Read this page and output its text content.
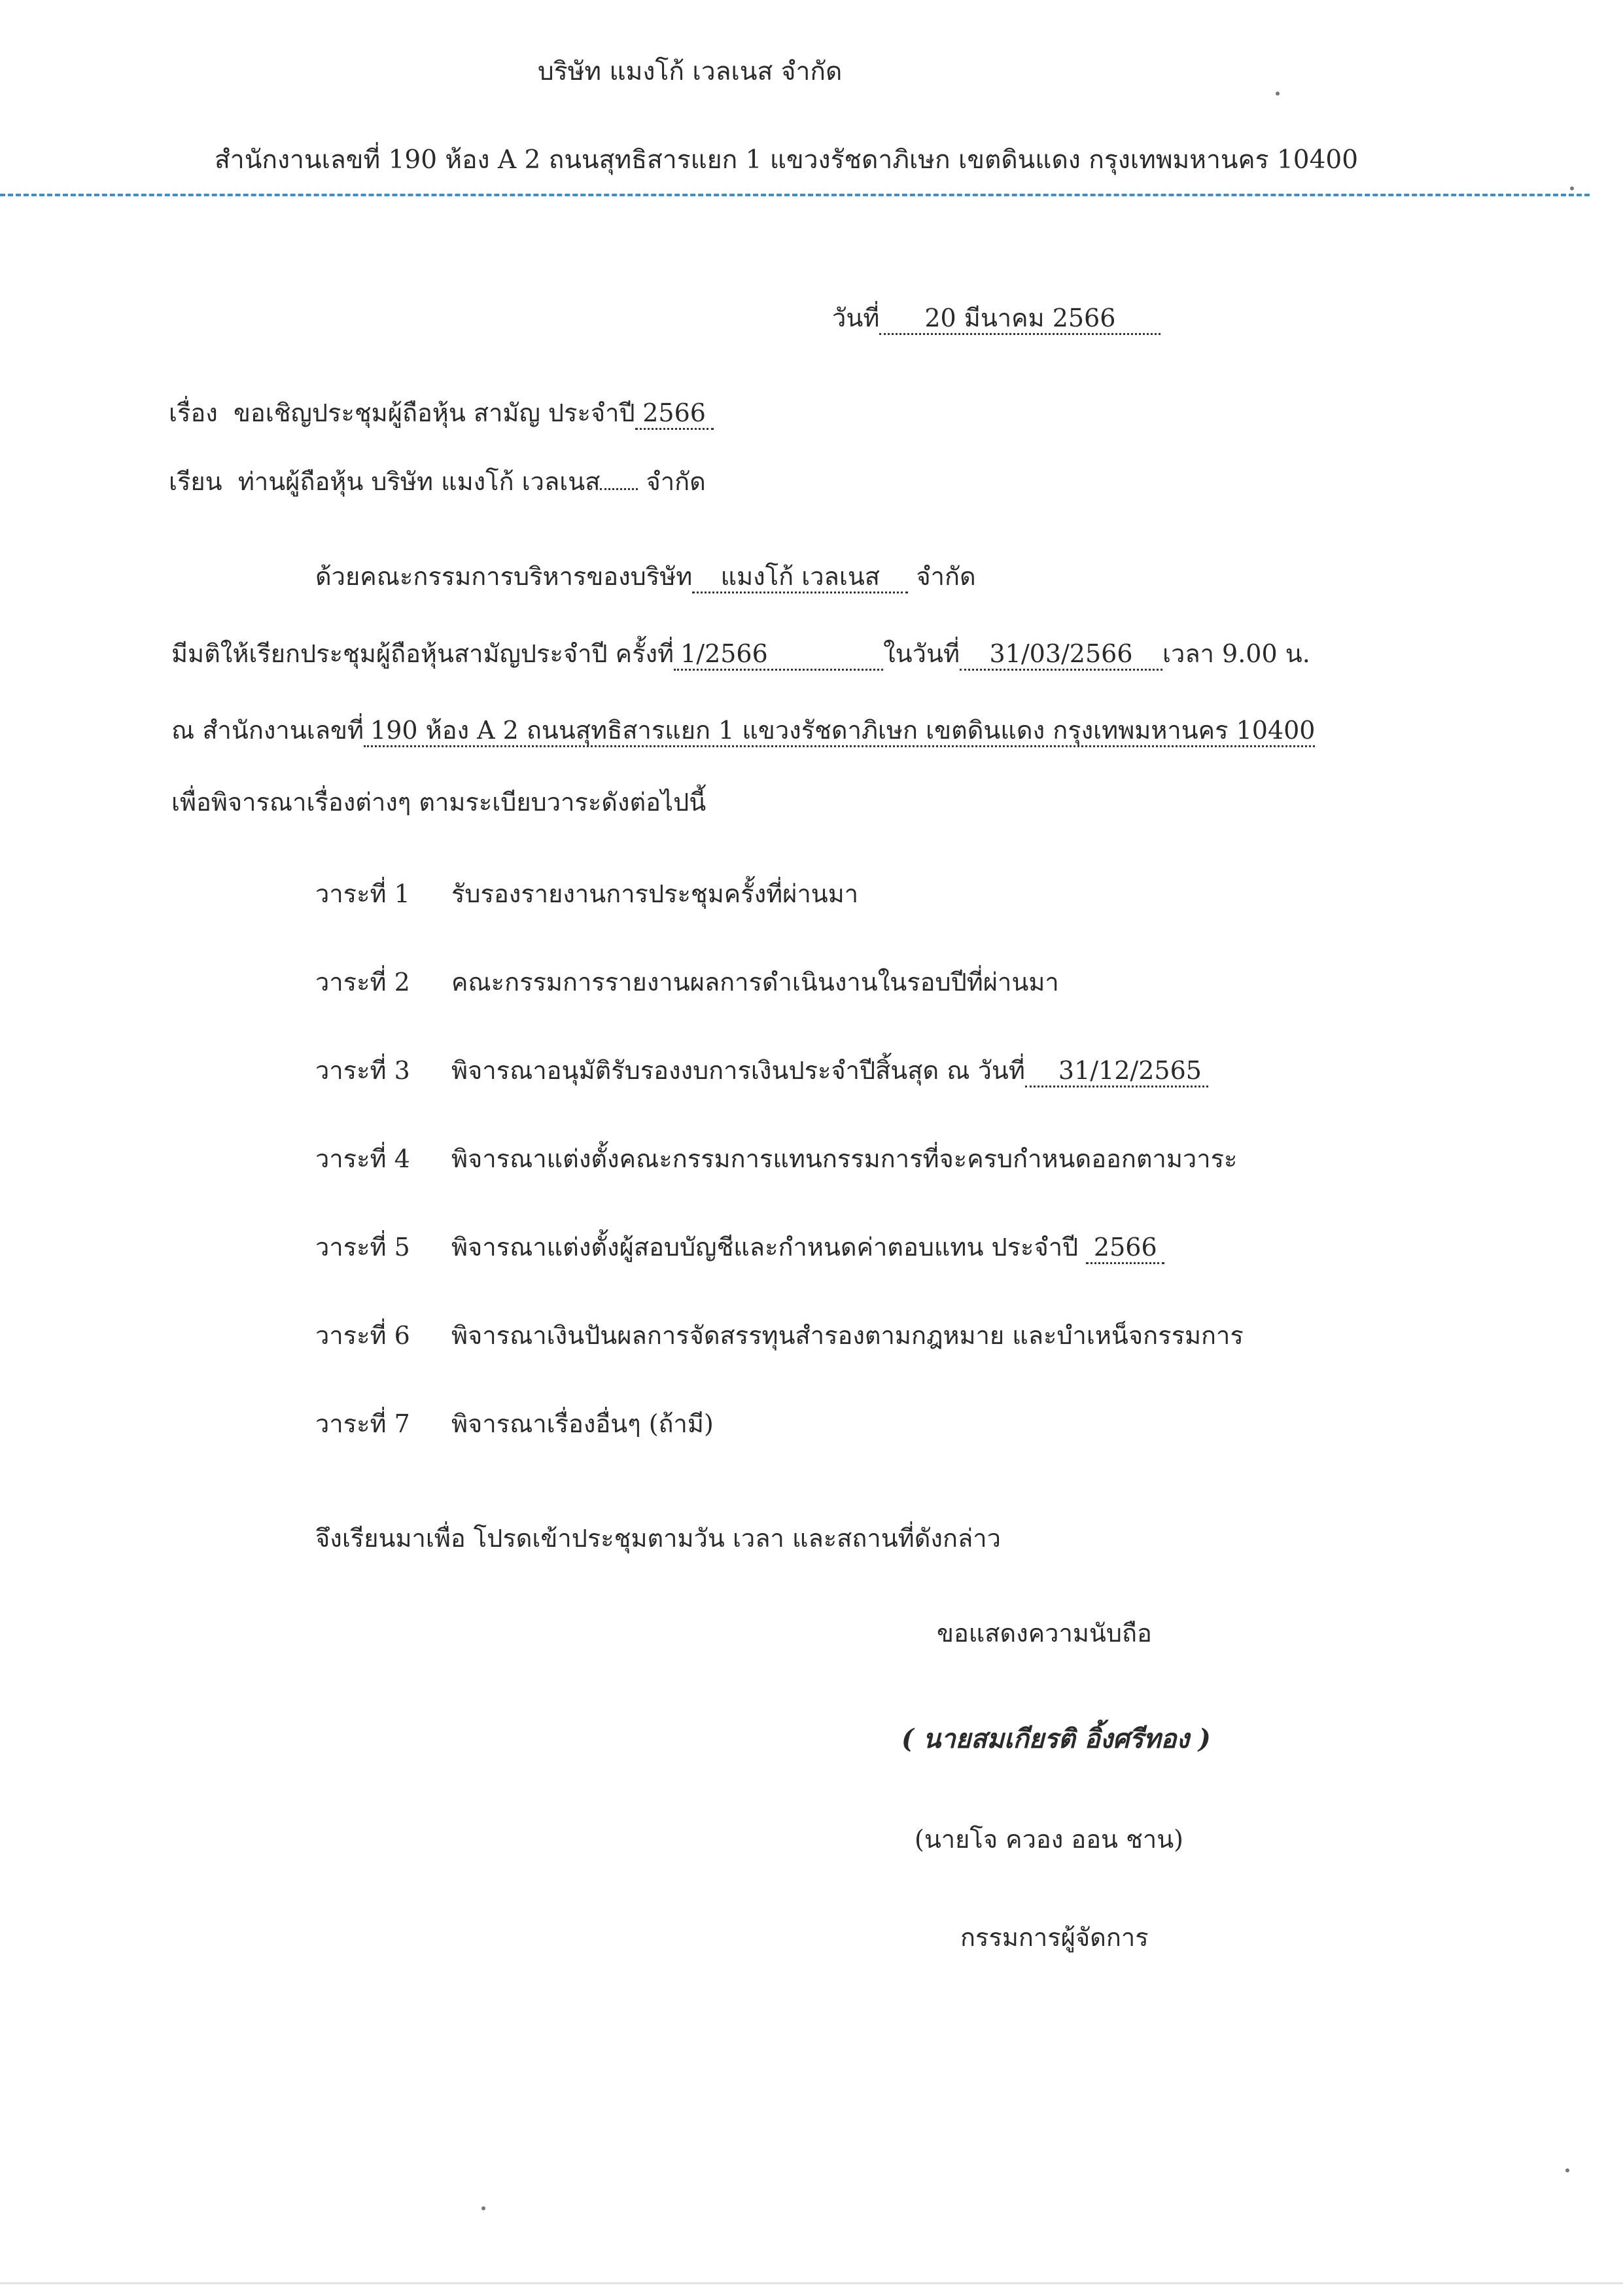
บริษัท แมงโก้ เวลเนส จำกัด
สำนักงานเลขที่ 190 ห้อง A 2 ถนนสุทธิสารแยก 1 แขวงรัชดาภิเษก เขตดินแดง กรุงเทพมหานคร 10400
วันที่ 20 มีนาคม 2566
เรื่อง ขอเชิญประชุมผู้ถือหุ้น สามัญ ประจำปี 2566
เรียน ท่านผู้ถือหุ้น บริษัท แมงโก้ เวลเนส จำกัด
ด้วยคณะกรรมการบริหารของบริษัท แมงโก้ เวลเนส จำกัด
มีมติให้เรียกประชุมผู้ถือหุ้นสามัญประจำปี ครั้งที่ 1/2566	ในวันที่ 31/03/2566 เวลา 9.00 น.
ณ สำนักงานเลขที่ 190 ห้อง A 2 ถนนสุทธิสารแยก 1 แขวงรัชดาภิเษก เขตดินแดง กรุงเทพมหานคร 10400
เพื่อพิจารณาเรื่องต่างๆ ตามระเบียบวาระดังต่อไปนี้
วาระที่ 1 รับรองรายงานการประชุมครั้งที่ผ่านมา
วาระที่ 2 คณะกรรมการรายงานผลการดำเนินงานในรอบปีที่ผ่านมา
วาระที่ 3 พิจารณาอนุมัติรับรองงบการเงินประจำปีสิ้นสุด ณ วันที่ 31/12/2565
วาระที่ 4 พิจารณาแต่งตั้งคณะกรรมการแทนกรรมการที่จะครบกำหนดออกตามวาระ
วาระที่ 5 พิจารณาแต่งตั้งผู้สอบบัญชีและกำหนดค่าตอบแทน ประจำปี 2566
วาระที่ 6 พิจารณาเงินปันผลการจัดสรรทุนสำรองตามกฎหมาย และบำเหน็จกรรมการ
วาระที่ 7 พิจารณาเรื่องอื่นๆ (ถ้ามี)
จึงเรียนมาเพื่อ โปรดเข้าประชุมตามวัน เวลา และสถานที่ดังกล่าว
ขอแสดงความนับถือ
( นายสมเกียรติ อิ้งศรีทอง )
(นายโจ ควอง ออน ชาน)
กรรมการผู้จัดการ
